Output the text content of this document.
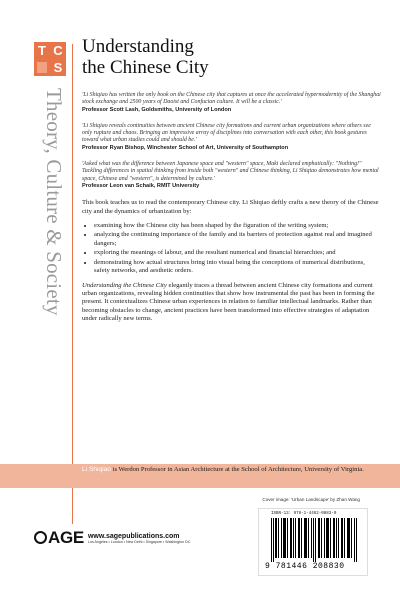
T C
S
Understanding
the Chinese City
Theory, Culture & Society	'Li Shiqiao has written the only book on the Chinese city that captures at once the accelerated hypermodernity of the Shanghai stock exchange and 2500 years of Daoist and Confucian culture. It will be a classic.'
Professor Scott Lash, Goldsmiths, University of London
'Li Shiqiao reveals continuities between ancient Chinese city formations and current urban organizations where others see only rupture and chaos. Bringing an impressive array of disciplines into conversation with each other, this book gestures toward what urban studies could and should be.'
Professor Ryan Bishop, Winchester School of Art, University of Southampton
'Asked what was the difference between Japanese space and "western" space, Maki declared emphatically: "Nothing!" Tackling differences in spatial thinking from inside both "western" and Chinese thinking, Li Shiqiao demonstrates how mental space, Chinese and "western", is determined by culture.'
Professor Leon van Schaik, RMIT University

This book teaches us to read the contemporary Chinese city. Li Shiqiao deftly crafts a new theory of the Chinese city and the dynamics of urbanization by:

• examining how the Chinese city has been shaped by the figuration of the writing system;
• analyzing the continuing importance of the family and its barriers of protection against real and imagined dangers;
• exploring the meanings of labour, and the resultant numerical and financial hierarchies; and
• demonstrating how actual structures bring into visual being the conceptions of numerical distributions, safety networks, and aesthetic orders.

Understanding the Chinese City elegantly traces a thread between ancient Chinese city formations and current urban organizations, revealing hidden continuities that show how instrumental the past has been in forming the present. It contextualizes Chinese urban experiences in relation to familiar intellectual landmarks. Rather than becoming obstacles to change, ancient practices have been transformed into effective strategies of adaptation under radically new terms.

Li Shiqiao is Werdon Professor in Asian Architecture at the School of Architecture, University of Virginia.
Cover image: 'Urban Landscape' by Zhan Wang
ISBN-13: 978-1-4462-0883-0
9 781446 208830
AGE www.sagepublications.com
Los Angeles • London • New Delhi • Singapore • Washington DC
